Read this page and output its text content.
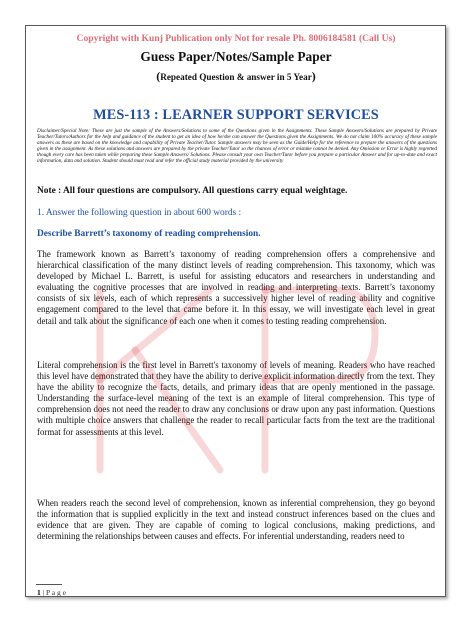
Copyright with Kunj Publication only Not for resale Ph. 8006184581 (Call Us)
Guess Paper/Notes/Sample Paper
(Repeated Question & answer in 5 Year)
MES-113 : LEARNER SUPPORT SERVICES
Disclaimer/Special Note: These are just the sample of the Answers/Solutions to some of the Questions given in the Assignments. These Sample Answers/Solutions are prepared by Private Teacher/Tutors/Authors for the help and guidance of the student to get an idea of how he/she can answer the Questions given the Assignments. We do not claim 100% accuracy of these sample answers as these are based on the knowledge and capability of Private Teacher/Tutor. Sample answers may be seen as the Guide/Help for the reference to prepare the answers of the questions given in the assignment. As these solutions and answers are prepared by the private Teacher/Tutor so the chances of error or mistake cannot be denied. Any Omission or Error is highly regretted though every care has been taken while preparing these Sample Answers/ Solutions. Please consult your own Teacher/Tutor before you prepare a particular Answer and for up-to-date and exact information, data and solution. Student should must read and refer the official study material provided by the university
Note : All four questions are compulsory. All questions carry equal weightage.
1. Answer the following question in about 600 words :
Describe Barrett’s taxonomy of reading comprehension.

The framework known as Barrett’s taxonomy of reading comprehension offers a comprehensive and hierarchical classification of the many distinct levels of reading comprehension. This taxonomy, which was developed by Michael L. Barrett, is useful for assisting educators and researchers in understanding and evaluating the cognitive processes that are involved in reading and interpreting texts. Barrett’s taxonomy consists of six levels, each of which represents a successively higher level of reading ability and cognitive engagement compared to the level that came before it. In this essay, we will investigate each level in great detail and talk about the significance of each one when it comes to testing reading comprehension.

Literal comprehension is the first level in Barrett's taxonomy of levels of meaning. Readers who have reached this level have demonstrated that they have the ability to derive explicit information directly from the text. They have the ability to recognize the facts, details, and primary ideas that are openly mentioned in the passage. Understanding the surface-level meaning of the text is an example of literal comprehension. This type of comprehension does not need the reader to draw any conclusions or draw upon any past information. Questions with multiple choice answers that challenge the reader to recall particular facts from the text are the traditional format for assessments at this level.

When readers reach the second level of comprehension, known as inferential comprehension, they go beyond the information that is supplied explicitly in the text and instead construct inferences based on the clues and evidence that are given. They are capable of coming to logical conclusions, making predictions, and determining the relationships between causes and effects. For inferential understanding, readers need to

1 | P a g e
